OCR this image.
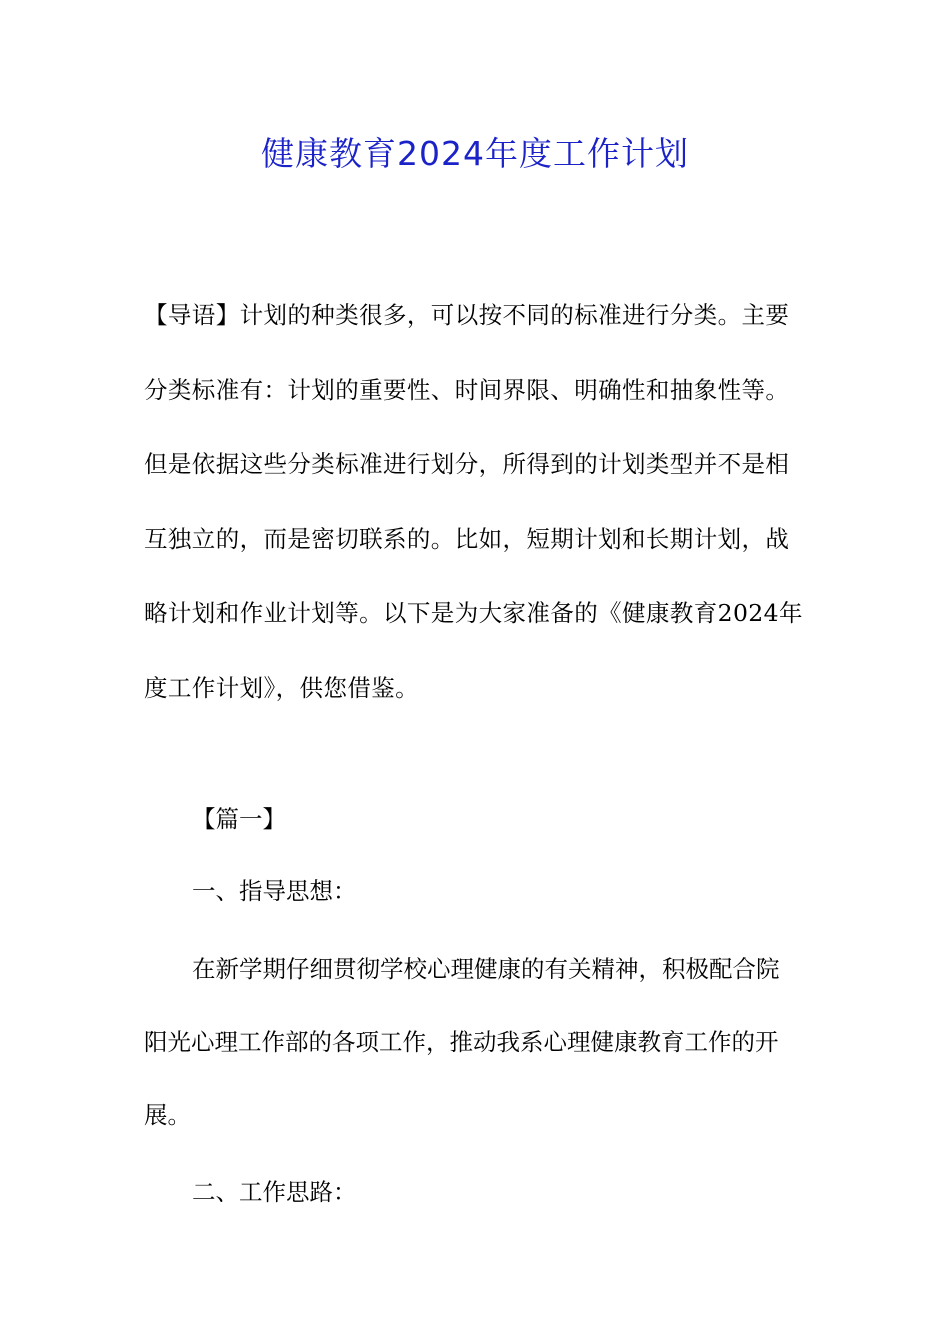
健康教育2024年度工作计划
【导语】计划的种类很多，可以按不同的标准进行分类。主要
分类标准有：计划的重要性、时间界限、明确性和抽象性等。
但是依据这些分类标准进行划分，所得到的计划类型并不是相
互独立的，而是密切联系的。比如，短期计划和长期计划，战
略计划和作业计划等。以下是为大家准备的《健康教育2024年
度工作计划》，供您借鉴。
【篇一】
一、指导思想：
在新学期仔细贯彻学校心理健康的有关精神，积极配合院
阳光心理工作部的各项工作，推动我系心理健康教育工作的开
展。
二、工作思路：
